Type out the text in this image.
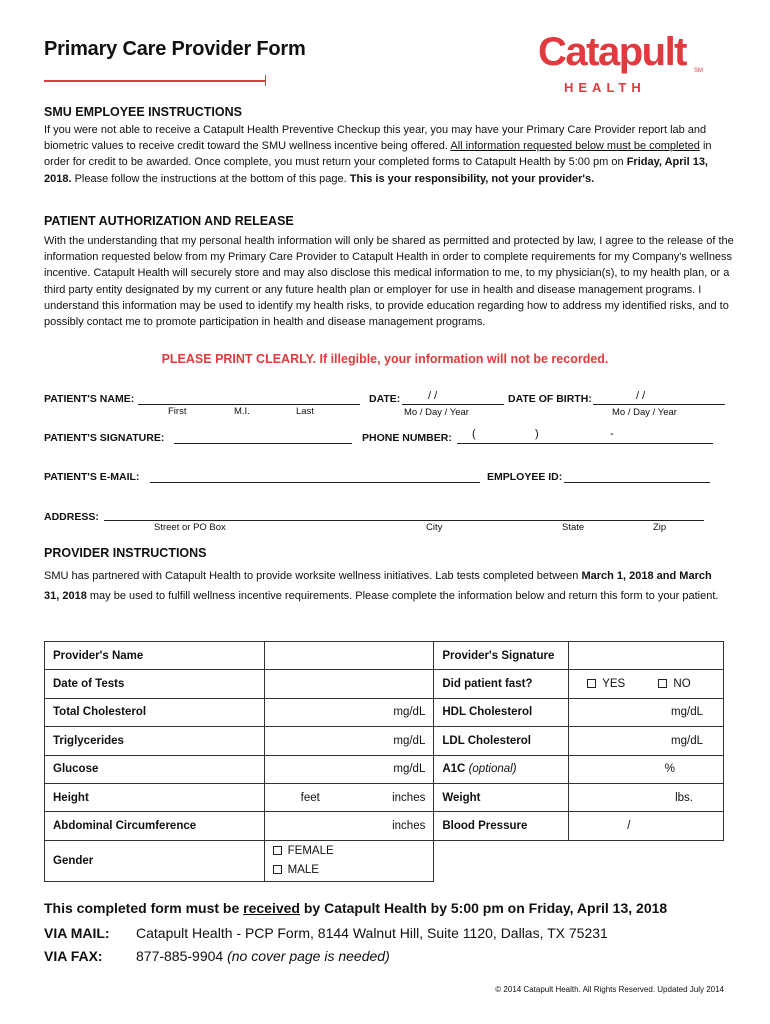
Primary Care Provider Form	Catapult SM
HEALTH
SMU EMPLOYEE INSTRUCTIONS
If you were not able to receive a Catapult Health Preventive Checkup this year, you may have your Primary Care Provider report lab and biometric values to receive credit toward the SMU wellness incentive being offered. All information requested below must be completed in order for credit to be awarded. Once complete, you must return your completed forms to Catapult Health by 5:00 pm on Friday, April 13, 2018. Please follow the instructions at the bottom of this page. This is your responsibility, not your provider's.
PATIENT AUTHORIZATION AND RELEASE
With the understanding that my personal health information will only be shared as permitted and protected by law, I agree to the release of the information requested below from my Primary Care Provider to Catapult Health in order to complete requirements for my Company's wellness incentive. Catapult Health will securely store and may also disclose this medical information to me, to my physician(s), to my health plan, or a third party entity designated by my current or any future health plan or employer for use in health and disease management programs. I understand this information may be used to identify my health risks, to provide education regarding how to address my identified risks, and to possibly contact me to promote participation in health and disease management programs.
PLEASE PRINT CLEARLY. If illegible, your information will not be recorded.
PATIENT'S NAME:
First	M.I.	Last
DATE:	/ /
Mo / Day / Year
DATE OF BIRTH:	/ /
Mo / Day / Year
PATIENT'S SIGNATURE:	PHONE NUMBER: (	)	-
PATIENT'S E-MAIL:	EMPLOYEE ID:
ADDRESS:
Street or PO Box	City	State	Zip
PROVIDER INSTRUCTIONS
SMU has partnered with Catapult Health to provide worksite wellness initiatives. Lab tests completed between March 1, 2018 and March 31, 2018 may be used to fulfill wellness incentive requirements. Please complete the information below and return this form to your patient.
Provider's Name		Provider's Signature	
Date of Tests		Did patient fast?	YES NO
Total Cholesterol	mg/dL	HDL Cholesterol	mg/dL

Triglycerides	mg/dL	LDL Cholesterol	mg/dL

Glucose	mg/dL	A1C (optional)	%

Height	feet inches	Weight	lbs.

Abdominal Circumference	inches	Blood Pressure	/
Gender	FEMALE
MALE		

This completed form must be received by Catapult Health by 5:00 pm on Friday, April 13, 2018
VIA MAIL: Catapult Health - PCP Form, 8144 Walnut Hill, Suite 1120, Dallas, TX 75231
VIA FAX: 877-885-9904 (no cover page is needed)
© 2014 Catapult Health. All Rights Reserved. Updated July 2014
